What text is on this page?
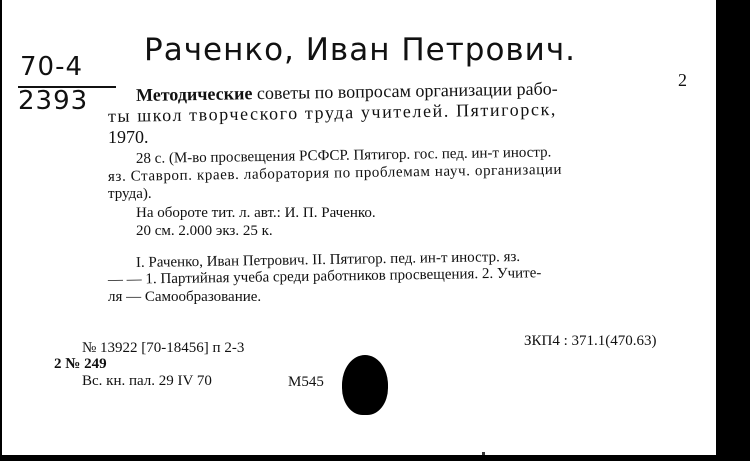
70-4
2393
Раченко, Иван Петрович.
2
Методические советы по вопросам организации рабо-
ты школ творческого труда учителей. Пятигорск,
1970.
28 с. (М-во просвещения РСФСР. Пятигор. гос. пед. ин-т иностр.
яз. Ставроп. краев. лаборатория по проблемам науч. организации
труда).
На обороте тит. л. авт.: И. П. Раченко.
20 см. 2.000 экз. 25 к.
I. Раченко, Иван Петрович. II. Пятигор. пед. ин-т иностр. яз.
— — 1. Партийная учеба среди работников просвещения. 2. Учите-
ля — Самообразование.
№ 13922 [70-18456] п 2-3	ЗКП4 : 371.1(470.63)
2 № 249
Вс. кн. пал. 29 IV 70	М545
